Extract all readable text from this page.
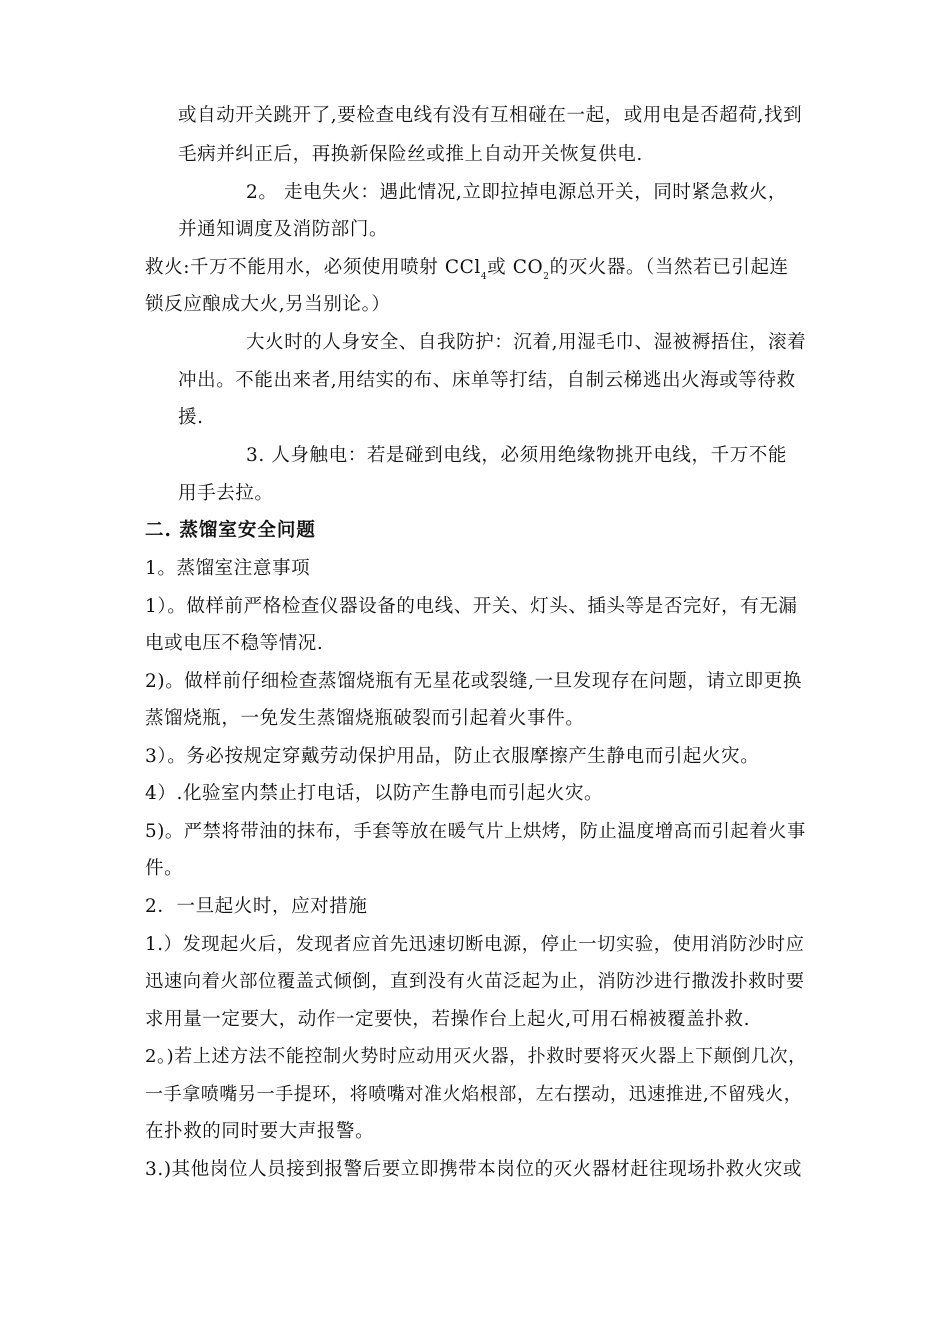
或自动开关跳开了,要检查电线有没有互相碰在一起，或用电是否超荷,找到
毛病并纠正后，再换新保险丝或推上自动开关恢复供电.
2。 走电失火：遇此情况,立即拉掉电源总开关，同时紧急救火，
并通知调度及消防部门。
救火:千万不能用水，必须使用喷射 CCl$_4$或 $CO_2$的灭火器。（当然若已引起连
锁反应酿成大火,另当别论。）
大火时的人身安全、自我防护：沉着,用湿毛巾、湿被褥捂住，滚着
冲出。不能出来者,用结实的布、床单等打结，自制云梯逃出火海或等待救
援.
3. 人身触电：若是碰到电线，必须用绝缘物挑开电线，千万不能
用手去拉。
二. 蒸馏室安全问题
1。蒸馏室注意事项
1）。做样前严格检查仪器设备的电线、开关、灯头、插头等是否完好，有无漏
电或电压不稳等情况.
2)。做样前仔细检查蒸馏烧瓶有无星花或裂缝,一旦发现存在问题，请立即更换
蒸馏烧瓶，一免发生蒸馏烧瓶破裂而引起着火事件。
3）。务必按规定穿戴劳动保护用品，防止衣服摩擦产生静电而引起火灾。
4）.化验室内禁止打电话，以防产生静电而引起火灾。
5)。严禁将带油的抹布，手套等放在暖气片上烘烤，防止温度增高而引起着火事
件。
2．一旦起火时，应对措施
1.）发现起火后，发现者应首先迅速切断电源，停止一切实验，使用消防沙时应
迅速向着火部位覆盖式倾倒，直到没有火苗泛起为止，消防沙进行撒泼扑救时要
求用量一定要大，动作一定要快，若操作台上起火,可用石棉被覆盖扑救.
2。)若上述方法不能控制火势时应动用灭火器，扑救时要将灭火器上下颠倒几次，
一手拿喷嘴另一手提环，将喷嘴对准火焰根部，左右摆动，迅速推进,不留残火，
在扑救的同时要大声报警。
3.)其他岗位人员接到报警后要立即携带本岗位的灭火器材赶往现场扑救火灾或
